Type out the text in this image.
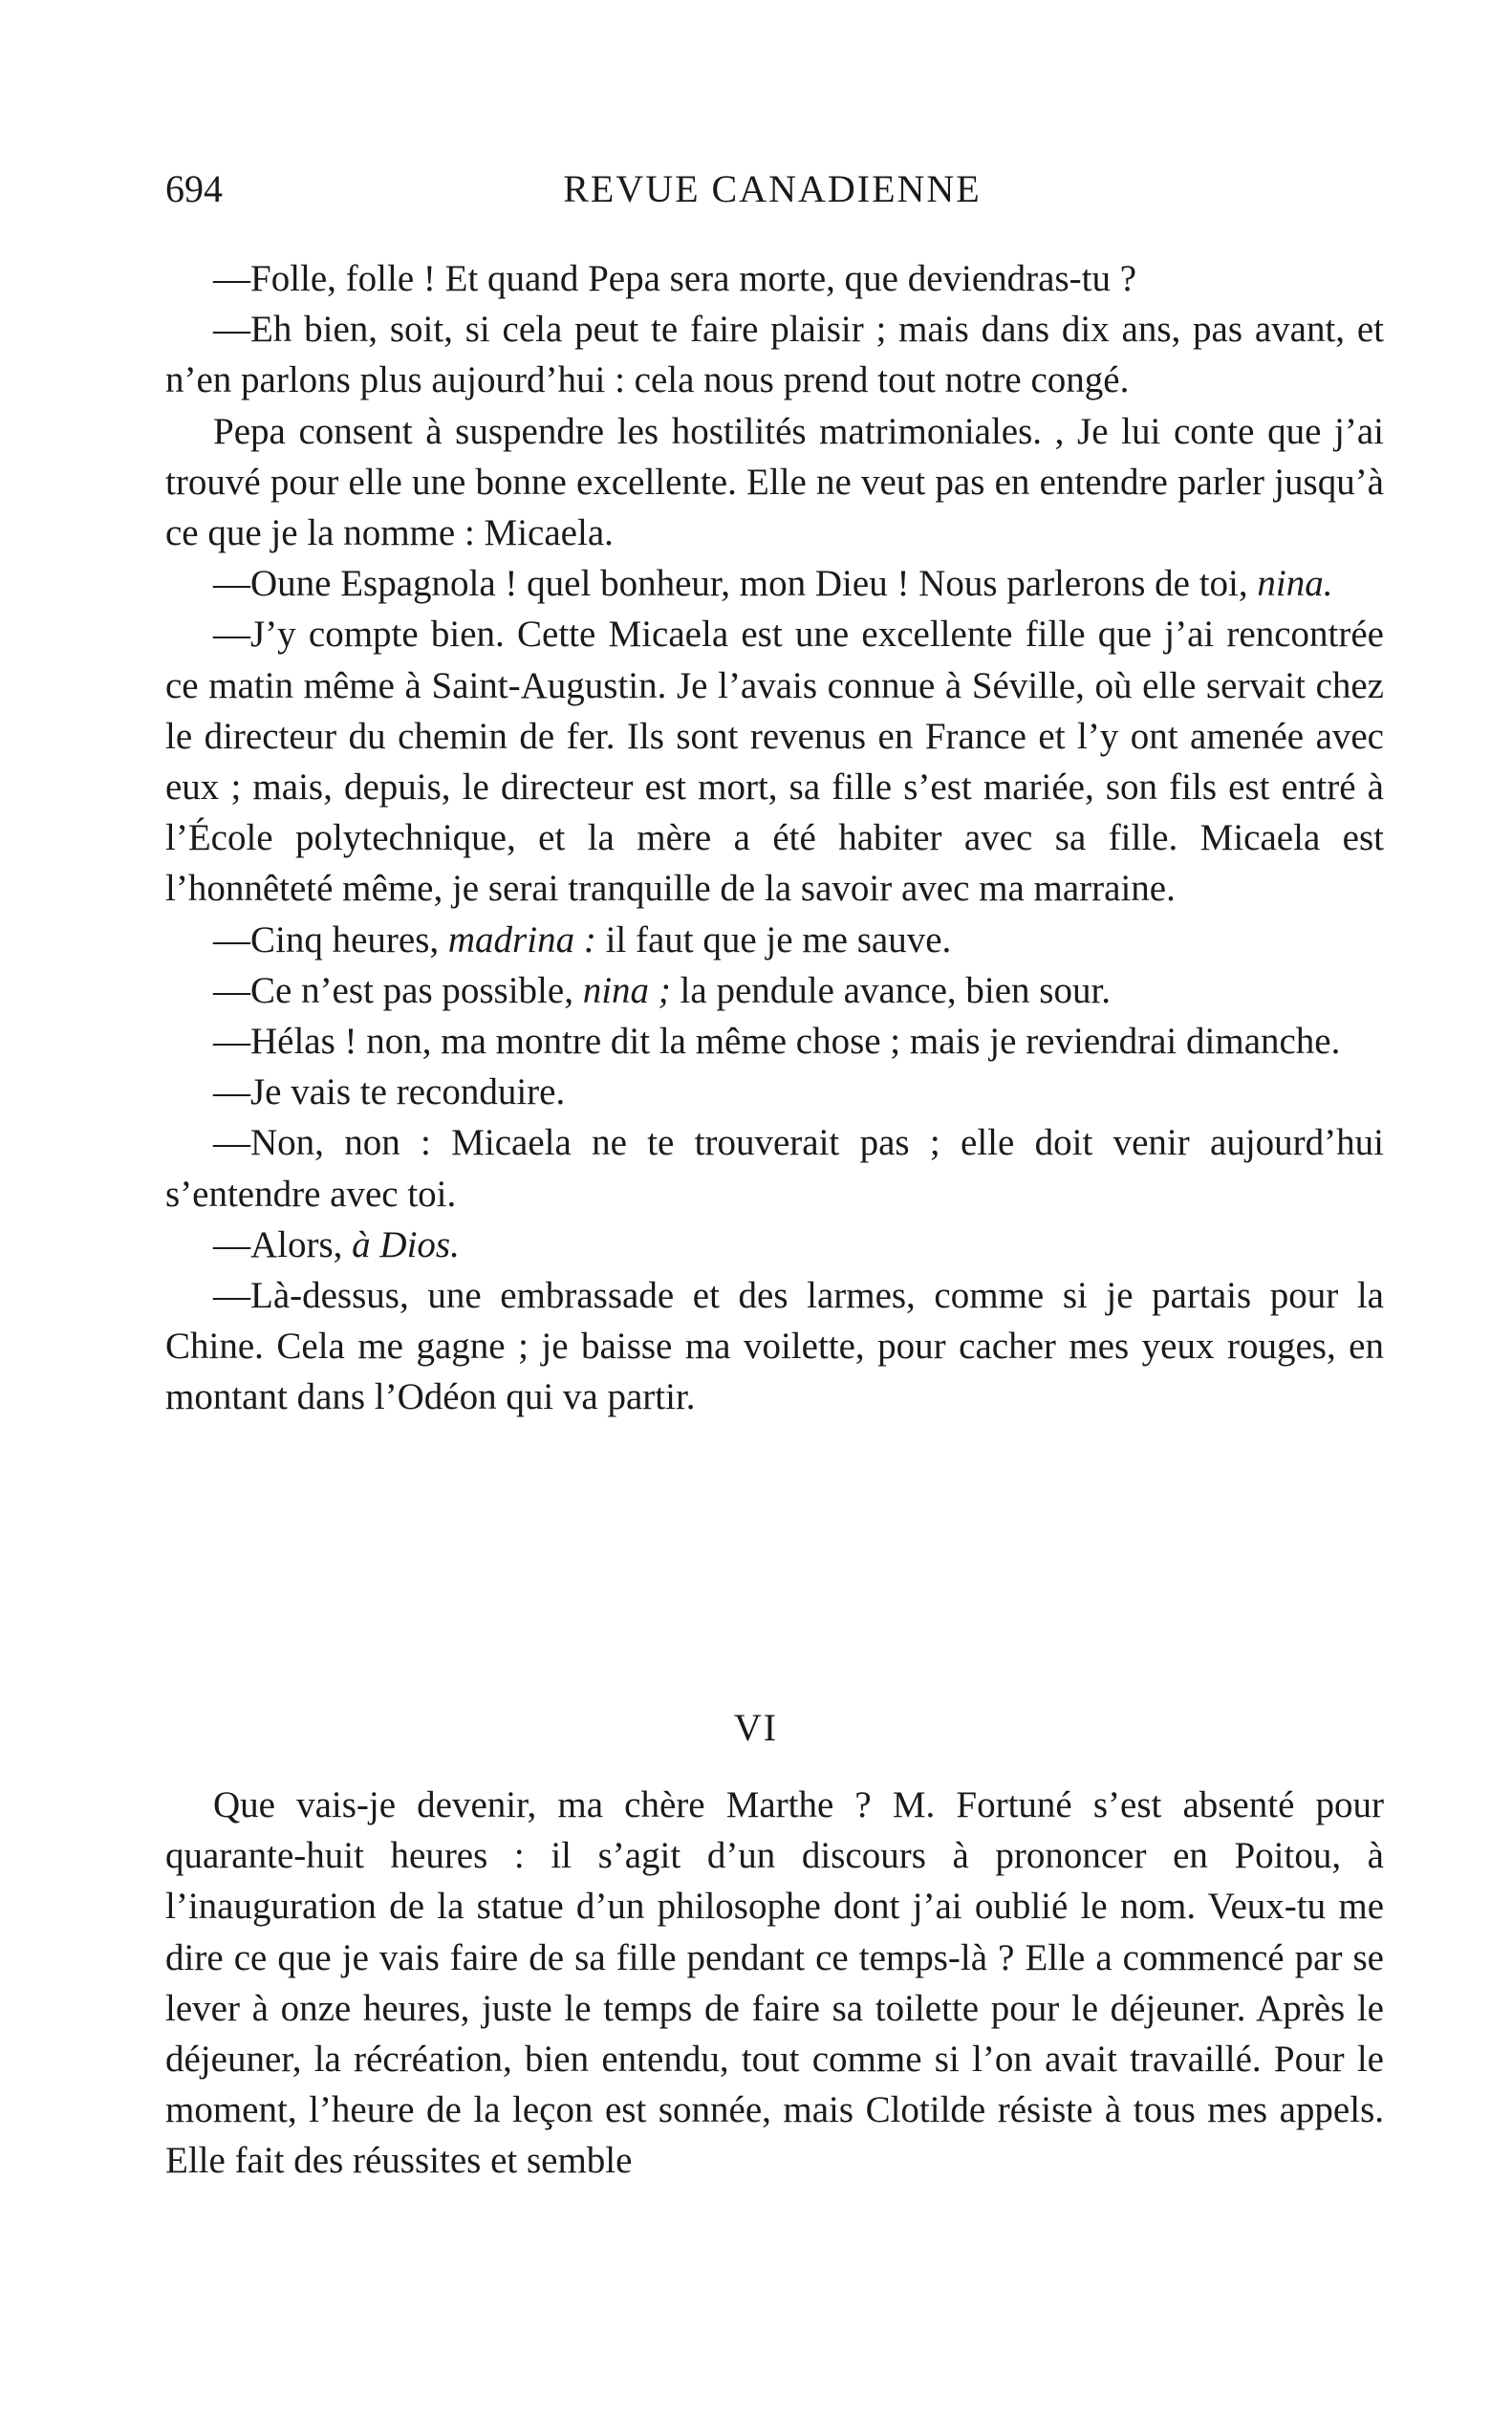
694	REVUE CANADIENNE

—Folle, folle ! Et quand Pepa sera morte, que deviendras-tu ?

—Eh bien, soit, si cela peut te faire plaisir ; mais dans dix ans, pas avant, et n’en parlons plus aujourd’hui : cela nous prend tout notre congé.

Pepa consent à suspendre les hostilités matrimoniales. , Je lui conte que j’ai trouvé pour elle une bonne excellente. Elle ne veut pas en entendre parler jusqu’à ce que je la nomme : Micaela.

—Oune Espagnola ! quel bonheur, mon Dieu ! Nous parlerons de toi, nina.

—J’y compte bien. Cette Micaela est une excellente fille que j’ai rencontrée ce matin même à Saint-Augustin. Je l’avais connue à Séville, où elle servait chez le directeur du chemin de fer. Ils sont revenus en France et l’y ont amenée avec eux ; mais, depuis, le directeur est mort, sa fille s’est mariée, son fils est entré à l’École polytechnique, et la mère a été habiter avec sa fille. Micaela est l’honnêteté même, je serai tranquille de la savoir avec ma marraine.

—Cinq heures, madrina : il faut que je me sauve.

—Ce n’est pas possible, nina ; la pendule avance, bien sour.

—Hélas ! non, ma montre dit la même chose ; mais je reviendrai dimanche.

—Je vais te reconduire.

—Non, non : Micaela ne te trouverait pas ; elle doit venir aujourd’hui s’entendre avec toi.

—Alors, à Dios.

—Là-dessus, une embrassade et des larmes, comme si je partais pour la Chine. Cela me gagne ; je baisse ma voilette, pour cacher mes yeux rouges, en montant dans l’Odéon qui va partir.

VI

Que vais-je devenir, ma chère Marthe ? M. Fortuné s’est absenté pour quarante-huit heures : il s’agit d’un discours à prononcer en Poitou, à l’inauguration de la statue d’un philosophe dont j’ai oublié le nom. Veux-tu me dire ce que je vais faire de sa fille pendant ce temps-là ? Elle a commencé par se lever à onze heures, juste le temps de faire sa toilette pour le déjeuner. Après le déjeuner, la récréation, bien entendu, tout comme si l’on avait travaillé. Pour le moment, l’heure de la leçon est sonnée, mais Clotilde résiste à tous mes appels. Elle fait des réussites et semble
